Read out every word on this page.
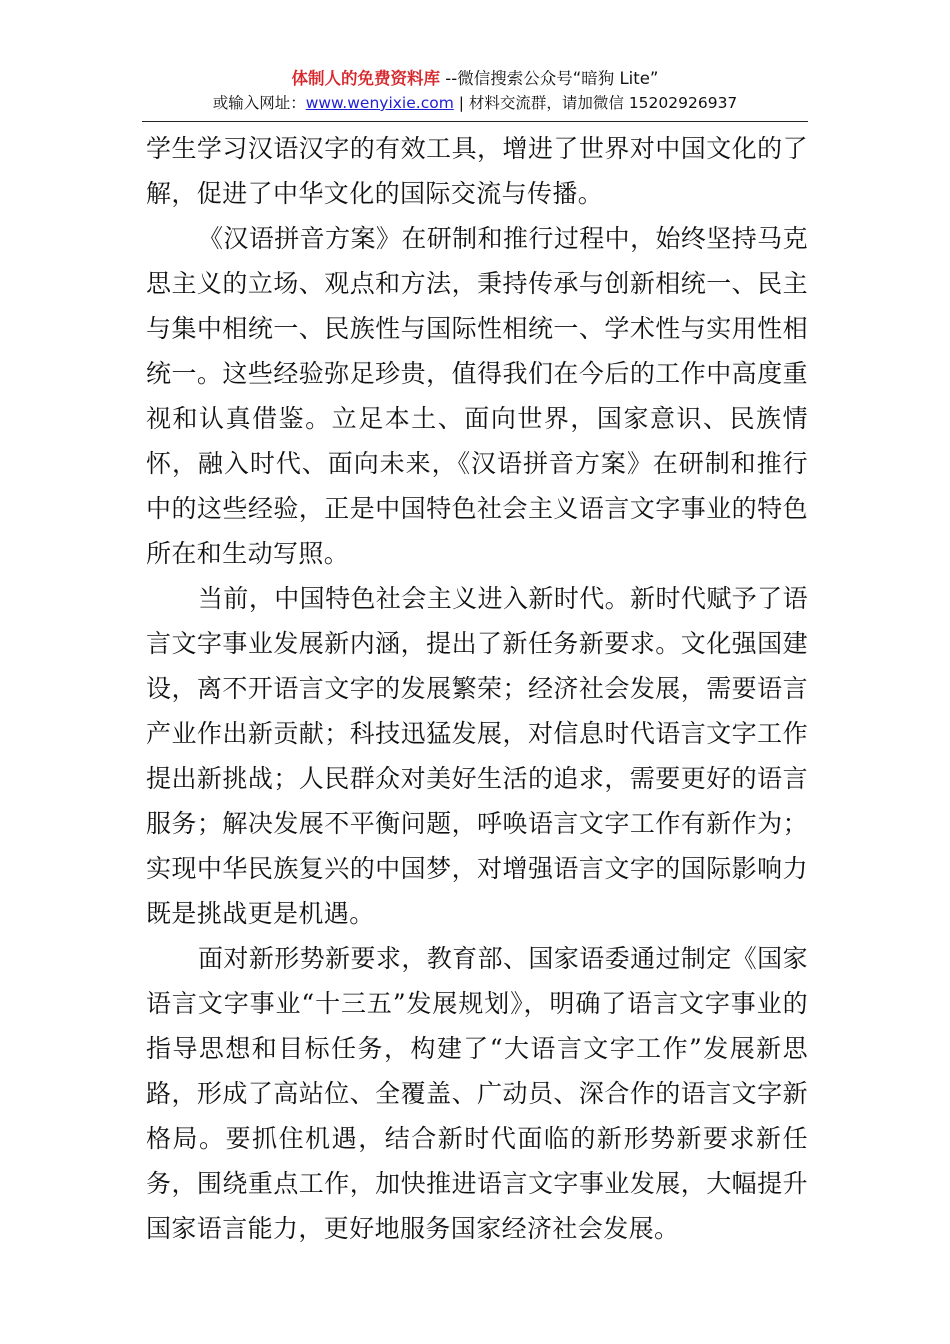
体制人的免费资料库 --微信搜索公众号“暗狗 Lite”
或输入网址：www.wenyixie.com | 材料交流群，请加微信 15202926937

学生学习汉语汉字的有效工具，增进了世界对中国文化的了解，促进了中华文化的国际交流与传播。

《汉语拼音方案》在研制和推行过程中，始终坚持马克思主义的立场、观点和方法，秉持传承与创新相统一、民主与集中相统一、民族性与国际性相统一、学术性与实用性相统一。这些经验弥足珍贵，值得我们在今后的工作中高度重视和认真借鉴。立足本土、面向世界，国家意识、民族情怀，融入时代、面向未来，《汉语拼音方案》在研制和推行中的这些经验，正是中国特色社会主义语言文字事业的特色所在和生动写照。

当前，中国特色社会主义进入新时代。新时代赋予了语言文字事业发展新内涵，提出了新任务新要求。文化强国建设，离不开语言文字的发展繁荣；经济社会发展，需要语言产业作出新贡献；科技迅猛发展，对信息时代语言文字工作提出新挑战；人民群众对美好生活的追求，需要更好的语言服务；解决发展不平衡问题，呼唤语言文字工作有新作为；实现中华民族复兴的中国梦，对增强语言文字的国际影响力既是挑战更是机遇。

面对新形势新要求，教育部、国家语委通过制定《国家语言文字事业“十三五”发展规划》，明确了语言文字事业的指导思想和目标任务，构建了“大语言文字工作”发展新思路，形成了高站位、全覆盖、广动员、深合作的语言文字新格局。要抓住机遇，结合新时代面临的新形势新要求新任务，围绕重点工作，加快推进语言文字事业发展，大幅提升国家语言能力，更好地服务国家经济社会发展。
